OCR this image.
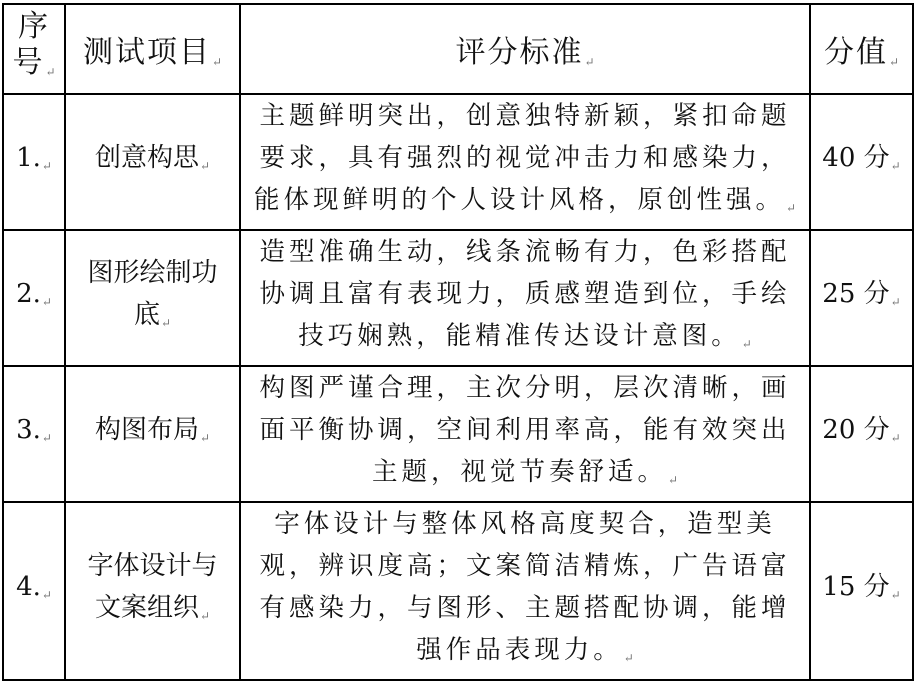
序号↵	测试项目↵	评分标准↵	分值↵
1.↵	创意构思↵	主题鲜明突出，创意独特新颖，紧扣命题要求，具有强烈的视觉冲击力和感染力，能体现鲜明的个人设计风格，原创性强。↵	40 分↵
2.↵	图形绘制功底↵	造型准确生动，线条流畅有力，色彩搭配协调且富有表现力，质感塑造到位，手绘技巧娴熟，能精准传达设计意图。↵	25 分↵
3.↵	构图布局↵	构图严谨合理，主次分明，层次清晰，画面平衡协调，空间利用率高，能有效突出主题，视觉节奏舒适。↵	20 分↵
4.↵	字体设计与文案组织↵	字体设计与整体风格高度契合，造型美观，辨识度高；文案简洁精炼，广告语富有感染力，与图形、主题搭配协调，能增强作品表现力。↵	15 分↵
